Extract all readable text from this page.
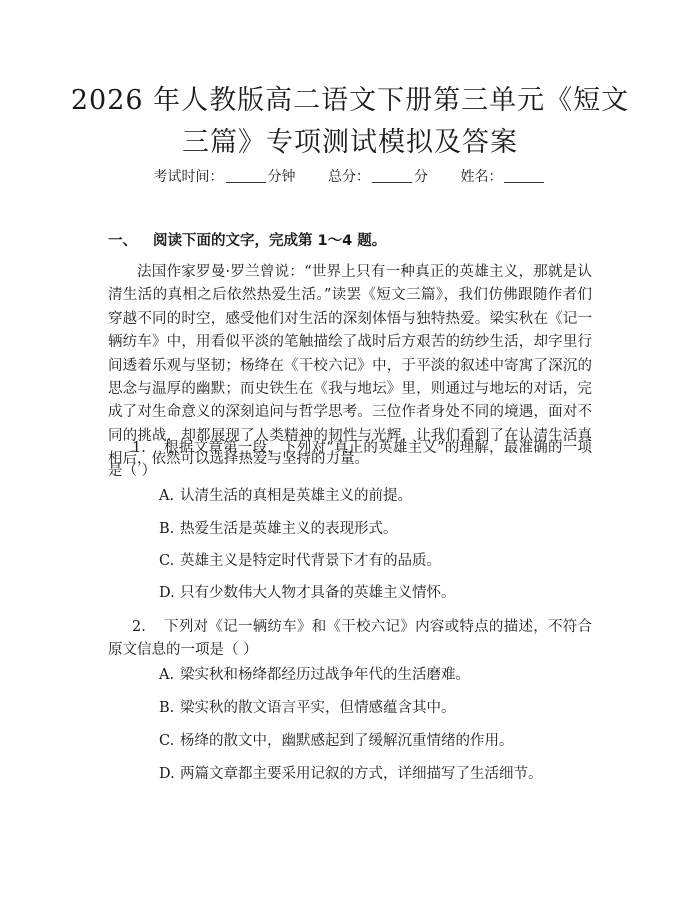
2026 年人教版高二语文下册第三单元《短文
三篇》专项测试模拟及答案
考试时间：	分钟 总分：	分 姓名：
一、 阅读下面的文字，完成第 1～4 题。
法国作家罗曼·罗兰曾说：“世界上只有一种真正的英雄主义，那就是认清生活的真相之后依然热爱生活。”读罢《短文三篇》，我们仿佛跟随作者们穿越不同的时空，感受他们对生活的深刻体悟与独特热爱。梁实秋在《记一辆纺车》中，用看似平淡的笔触描绘了战时后方艰苦的纺纱生活，却字里行间透着乐观与坚韧；杨绛在《干校六记》中，于平淡的叙述中寄寓了深沉的思念与温厚的幽默；而史铁生在《我与地坛》里，则通过与地坛的对话，完成了对生命意义的深刻追问与哲学思考。三位作者身处不同的境遇，面对不同的挑战，却都展现了人类精神的韧性与光辉，让我们看到了在认清生活真相后，依然可以选择热爱与坚持的力量。
1. 根据文章第一段，下列对“真正的英雄主义”的理解，最准确的一项是（ ）
A. 认清生活的真相是英雄主义的前提。
B. 热爱生活是英雄主义的表现形式。
C. 英雄主义是特定时代背景下才有的品质。
D. 只有少数伟大人物才具备的英雄主义情怀。
2. 下列对《记一辆纺车》和《干校六记》内容或特点的描述，不符合原文信息的一项是（ ）
A. 梁实秋和杨绛都经历过战争年代的生活磨难。
B. 梁实秋的散文语言平实，但情感蕴含其中。
C. 杨绛的散文中，幽默感起到了缓解沉重情绪的作用。
D. 两篇文章都主要采用记叙的方式，详细描写了生活细节。
